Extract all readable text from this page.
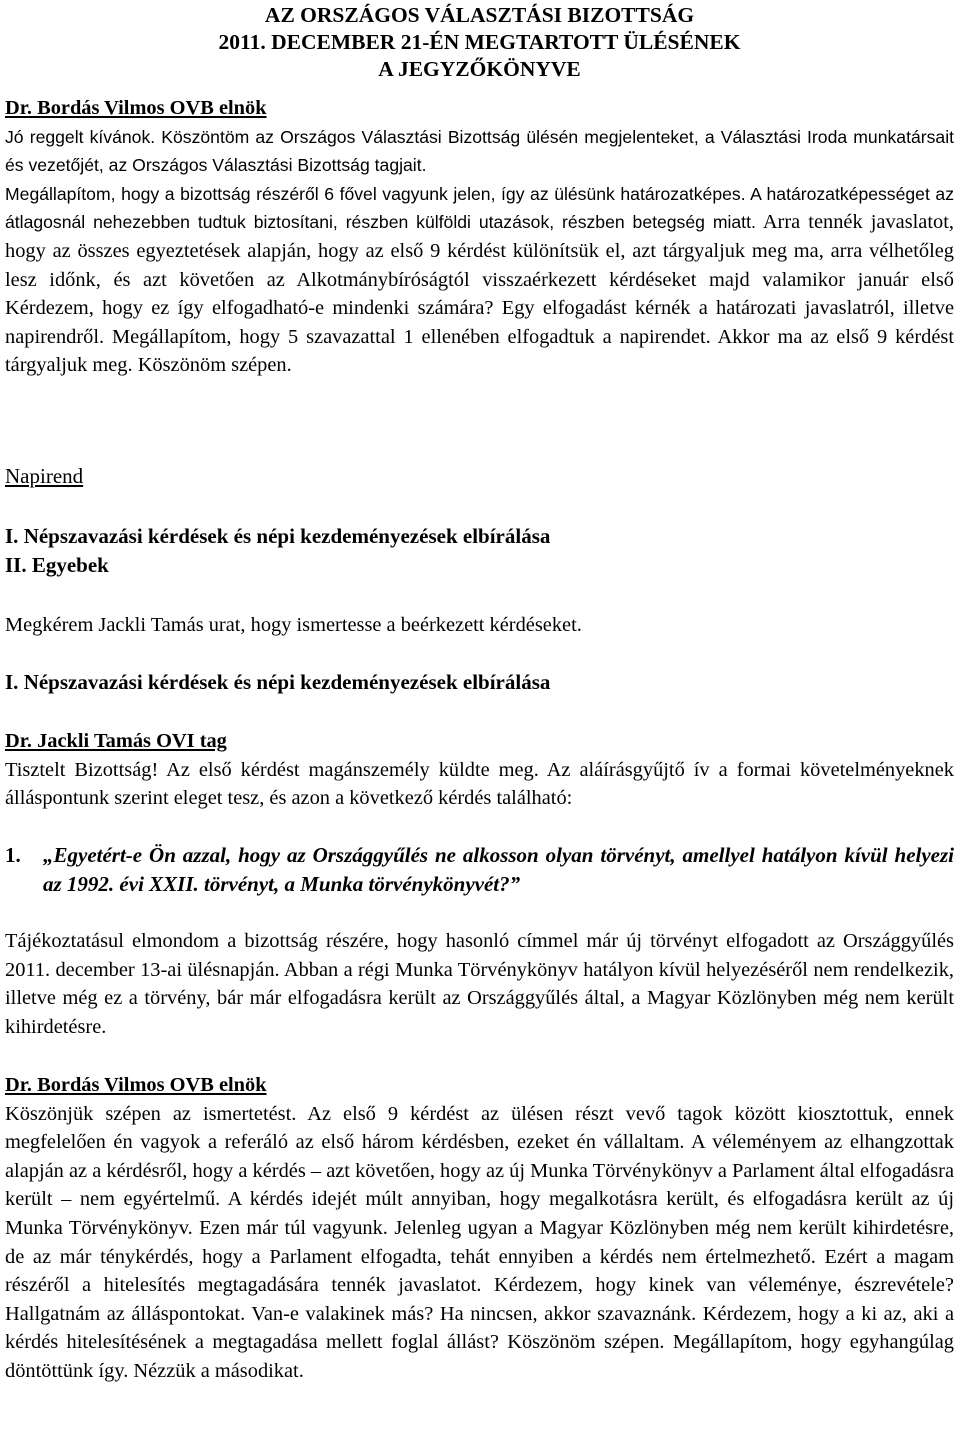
AZ ORSZÁGOS VÁLASZTÁSI BIZOTTSÁG
2011. DECEMBER 21-ÉN MEGTARTOTT ÜLÉSÉNEK
A JEGYZŐKÖNYVE
Dr. Bordás Vilmos OVB elnök

Jó reggelt kívánok. Köszöntöm az Országos Választási Bizottság ülésén megjelenteket, a Választási Iroda munkatársait és vezetőjét, az Országos Választási Bizottság tagjait.

Megállapítom, hogy a bizottság részéről 6 fővel vagyunk jelen, így az ülésünk határozatképes. A határozatképességet az átlagosnál nehezebben tudtuk biztosítani, részben külföldi utazások, részben betegség miatt. Arra tennék javaslatot, hogy az összes egyeztetések alapján, hogy az első 9 kérdést különítsük el, azt tárgyaljuk meg ma, arra vélhetőleg lesz időnk, és azt követően az Alkotmánybíróságtól visszaérkezett kérdéseket majd valamikor január első Kérdezem, hogy ez így elfogadható-e mindenki számára? Egy elfogadást kérnék a határozati javaslatról, illetve napirendről. Megállapítom, hogy 5 szavazattal 1 ellenében elfogadtuk a napirendet. Akkor ma az első 9 kérdést tárgyaljuk meg. Köszönöm szépen.

Napirend
I. Népszavazási kérdések és népi kezdeményezések elbírálása
II. Egyebek

Megkérem Jackli Tamás urat, hogy ismertesse a beérkezett kérdéseket.

I. Népszavazási kérdések és népi kezdeményezések elbírálása
Dr. Jackli Tamás OVI tag

Tisztelt Bizottság! Az első kérdést magánszemély küldte meg. Az aláírásgyűjtő ív a formai követelményeknek álláspontunk szerint eleget tesz, és azon a következő kérdés található:

1.	„Egyetért-e Ön azzal, hogy az Országgyűlés ne alkosson olyan törvényt, amellyel hatályon kívül helyezi az 1992. évi XXII. törvényt, a Munka törvénykönyvét?”

Tájékoztatásul elmondom a bizottság részére, hogy hasonló címmel már új törvényt elfogadott az Országgyűlés 2011. december 13-ai ülésnapján. Abban a régi Munka Törvénykönyv hatályon kívül helyezéséről nem rendelkezik, illetve még ez a törvény, bár már elfogadásra került az Országgyűlés által, a Magyar Közlönyben még nem került kihirdetésre.

Dr. Bordás Vilmos OVB elnök

Köszönjük szépen az ismertetést. Az első 9 kérdést az ülésen részt vevő tagok között kiosztottuk, ennek megfelelően én vagyok a referáló az első három kérdésben, ezeket én vállaltam. A véleményem az elhangzottak alapján az a kérdésről, hogy a kérdés – azt követően, hogy az új Munka Törvénykönyv a Parlament által elfogadásra került – nem egyértelmű. A kérdés idejét múlt annyiban, hogy megalkotásra került, és elfogadásra került az új Munka Törvénykönyv. Ezen már túl vagyunk. Jelenleg ugyan a Magyar Közlönyben még nem került kihirdetésre, de az már ténykérdés, hogy a Parlament elfogadta, tehát ennyiben a kérdés nem értelmezhető. Ezért a magam részéről a hitelesítés megtagadására tennék javaslatot. Kérdezem, hogy kinek van véleménye, észrevétele? Hallgatnám az álláspontokat. Van-e valakinek más? Ha nincsen, akkor szavaznánk. Kérdezem, hogy a ki az, aki a kérdés hitelesítésének a megtagadása mellett foglal állást? Köszönöm szépen. Megállapítom, hogy egyhangúlag döntöttünk így. Nézzük a másodikat.
